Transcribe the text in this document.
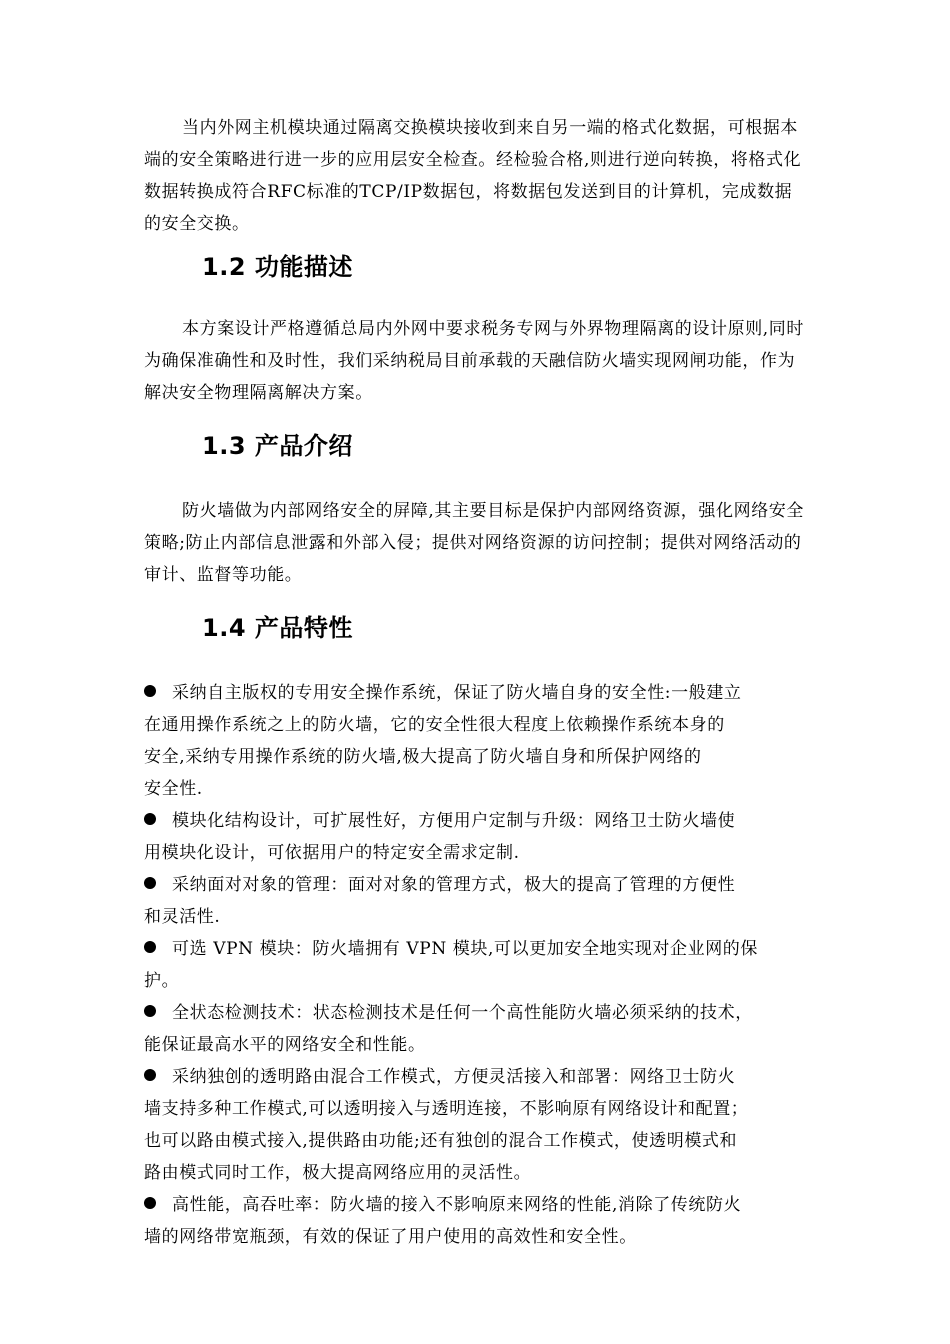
当内外网主机模块通过隔离交换模块接收到来自另一端的格式化数据，可根据本端的安全策略进行进一步的应用层安全检查。经检验合格,则进行逆向转换，将格式化数据转换成符合RFC标准的TCP/IP数据包，将数据包发送到目的计算机，完成数据的安全交换。

1.2 功能描述

本方案设计严格遵循总局内外网中要求税务专网与外界物理隔离的设计原则,同时为确保准确性和及时性，我们采纳税局目前承载的天融信防火墙实现网闸功能，作为解决安全物理隔离解决方案。

1.3 产品介绍

防火墙做为内部网络安全的屏障,其主要目标是保护内部网络资源，强化网络安全策略;防止内部信息泄露和外部入侵；提供对网络资源的访问控制；提供对网络活动的审计、监督等功能。

1.4 产品特性
采纳自主版权的专用安全操作系统，保证了防火墙自身的安全性:一般建立
在通用操作系统之上的防火墙，它的安全性很大程度上依赖操作系统本身的
安全,采纳专用操作系统的防火墙,极大提高了防火墙自身和所保护网络的
安全性.
模块化结构设计，可扩展性好，方便用户定制与升级：网络卫士防火墙使
用模块化设计，可依据用户的特定安全需求定制.
采纳面对对象的管理：面对对象的管理方式，极大的提高了管理的方便性
和灵活性.
可选 VPN 模块：防火墙拥有 VPN 模块,可以更加安全地实现对企业网的保
护。
全状态检测技术：状态检测技术是任何一个高性能防火墙必须采纳的技术，
能保证最高水平的网络安全和性能。
采纳独创的透明路由混合工作模式，方便灵活接入和部署：网络卫士防火
墙支持多种工作模式,可以透明接入与透明连接，不影响原有网络设计和配置；
也可以路由模式接入,提供路由功能;还有独创的混合工作模式，使透明模式和
路由模式同时工作，极大提高网络应用的灵活性。
高性能，高吞吐率：防火墙的接入不影响原来网络的性能,消除了传统防火
墙的网络带宽瓶颈，有效的保证了用户使用的高效性和安全性。
